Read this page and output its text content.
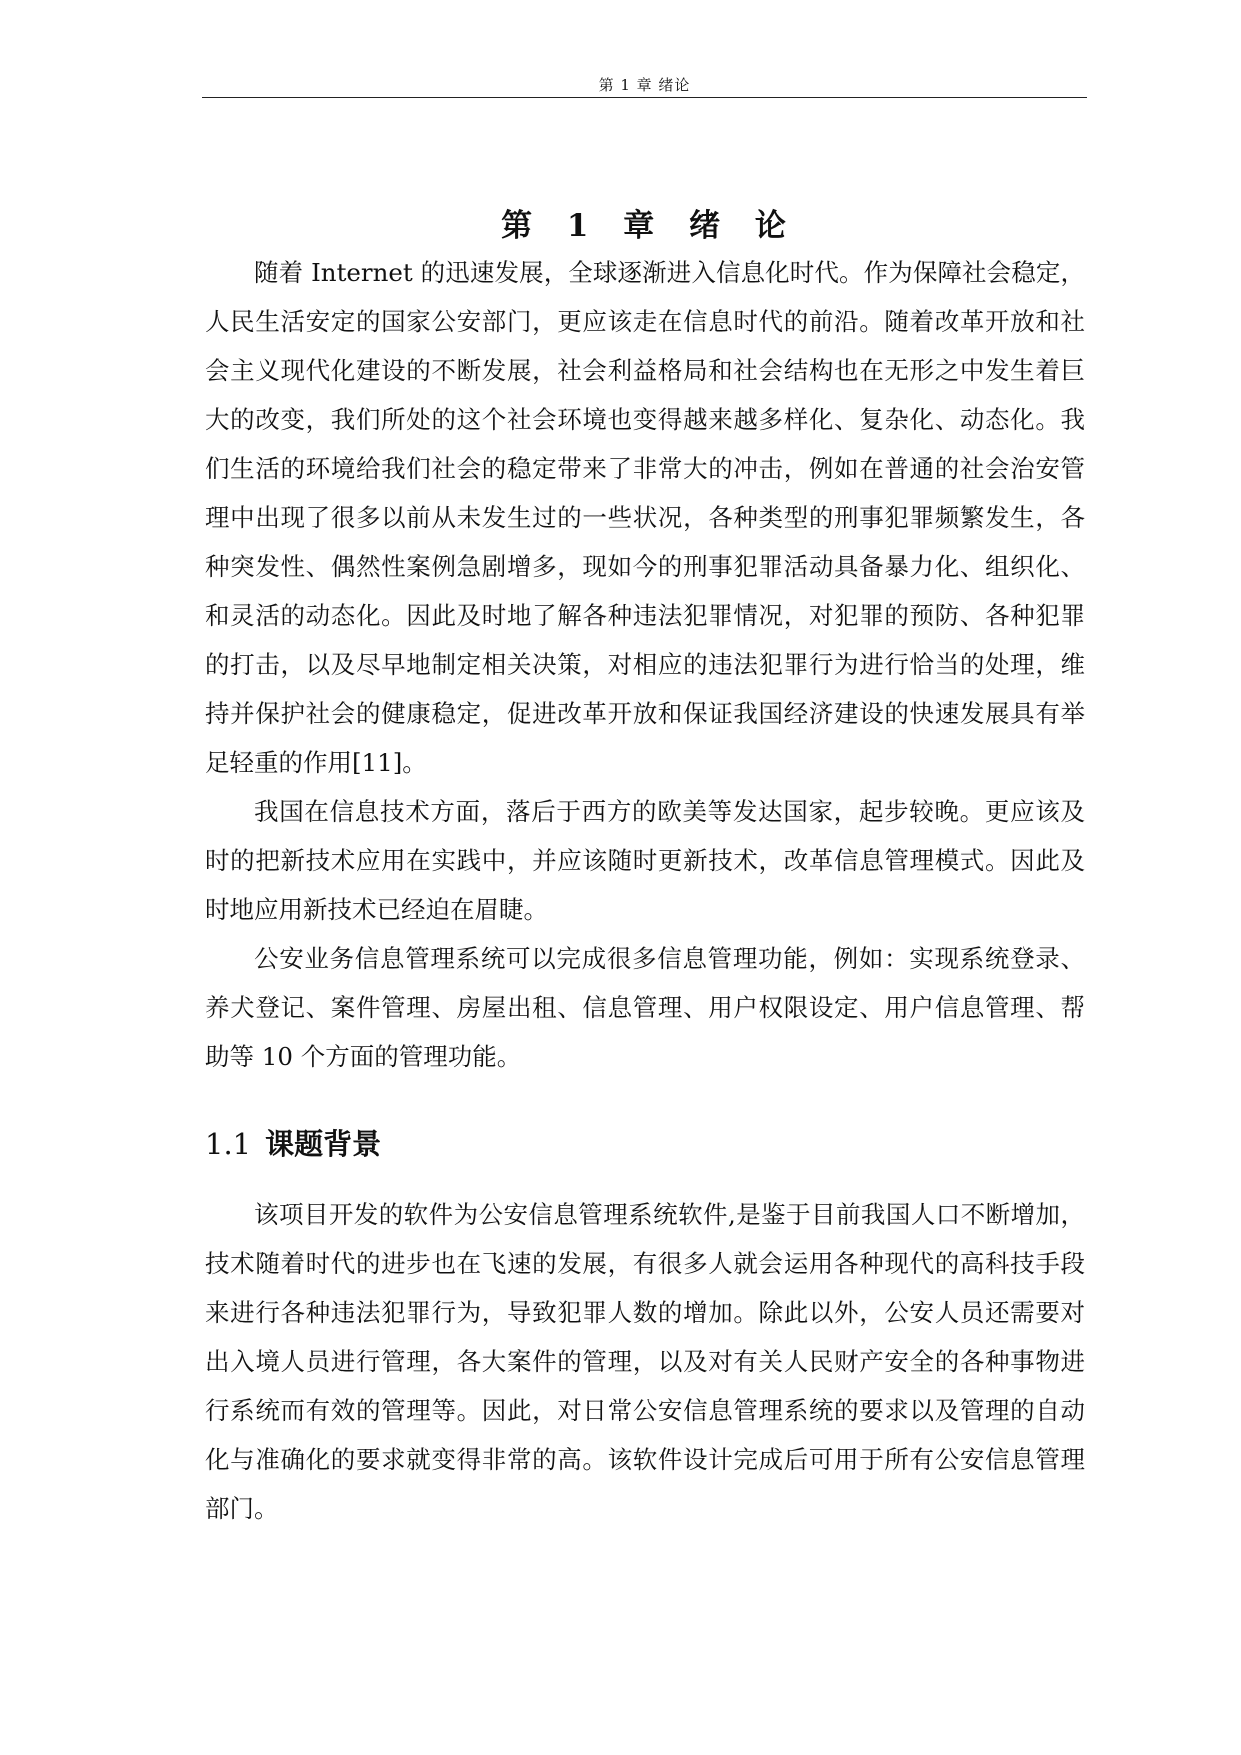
第 1 章 绪论
第 1 章 绪 论

随着 Internet 的迅速发展，全球逐渐进入信息化时代。作为保障社会稳定，人民生活安定的国家公安部门，更应该走在信息时代的前沿。随着改革开放和社会主义现代化建设的不断发展，社会利益格局和社会结构也在无形之中发生着巨大的改变，我们所处的这个社会环境也变得越来越多样化、复杂化、动态化。我们生活的环境给我们社会的稳定带来了非常大的冲击，例如在普通的社会治安管理中出现了很多以前从未发生过的一些状况，各种类型的刑事犯罪频繁发生，各种突发性、偶然性案例急剧增多，现如今的刑事犯罪活动具备暴力化、组织化、和灵活的动态化。因此及时地了解各种违法犯罪情况，对犯罪的预防、各种犯罪的打击，以及尽早地制定相关决策，对相应的违法犯罪行为进行恰当的处理，维持并保护社会的健康稳定，促进改革开放和保证我国经济建设的快速发展具有举足轻重的作用[11]。

我国在信息技术方面，落后于西方的欧美等发达国家，起步较晚。更应该及时的把新技术应用在实践中，并应该随时更新技术，改革信息管理模式。因此及时地应用新技术已经迫在眉睫。

公安业务信息管理系统可以完成很多信息管理功能，例如：实现系统登录、养犬登记、案件管理、房屋出租、信息管理、用户权限设定、用户信息管理、帮助等 10 个方面的管理功能。

1.1 课题背景

该项目开发的软件为公安信息管理系统软件,是鉴于目前我国人口不断增加，技术随着时代的进步也在飞速的发展，有很多人就会运用各种现代的高科技手段来进行各种违法犯罪行为，导致犯罪人数的增加。除此以外，公安人员还需要对出入境人员进行管理，各大案件的管理，以及对有关人民财产安全的各种事物进行系统而有效的管理等。因此，对日常公安信息管理系统的要求以及管理的自动化与准确化的要求就变得非常的高。该软件设计完成后可用于所有公安信息管理部门。
